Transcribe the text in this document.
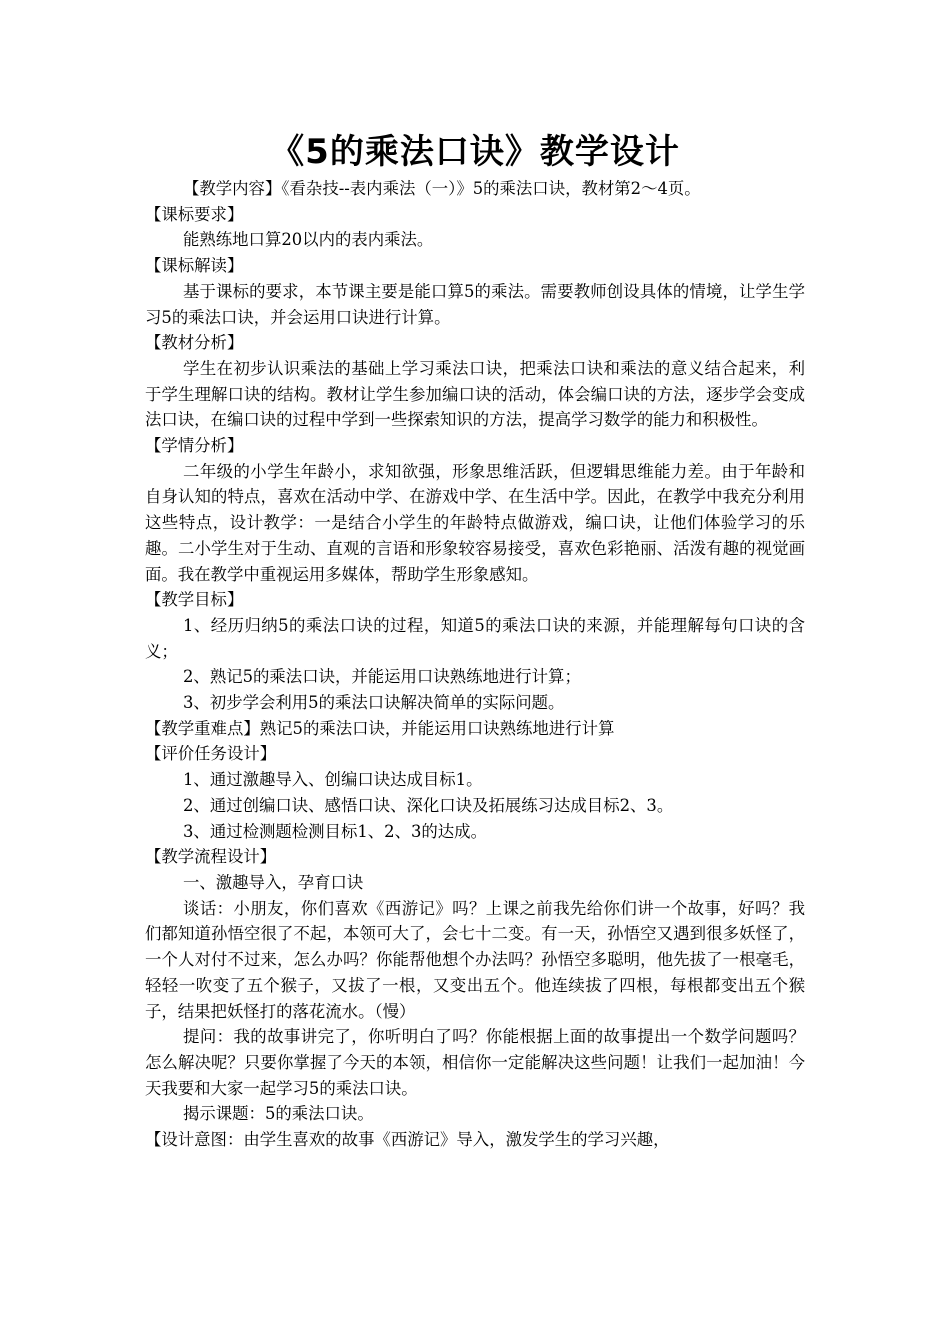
《5的乘法口诀》教学设计

【教学内容】《看杂技--表内乘法（一）》5的乘法口诀，教材第2～4页。

【课标要求】

能熟练地口算20以内的表内乘法。

【课标解读】

基于课标的要求，本节课主要是能口算5的乘法。需要教师创设具体的情境，让学生学习5的乘法口诀，并会运用口诀进行计算。

【教材分析】

学生在初步认识乘法的基础上学习乘法口诀，把乘法口诀和乘法的意义结合起来，利于学生理解口诀的结构。教材让学生参加编口诀的活动，体会编口诀的方法，逐步学会变成法口诀，在编口诀的过程中学到一些探索知识的方法，提高学习数学的能力和积极性。

【学情分析】

二年级的小学生年龄小，求知欲强，形象思维活跃，但逻辑思维能力差。由于年龄和自身认知的特点，喜欢在活动中学、在游戏中学、在生活中学。因此，在教学中我充分利用这些特点，设计教学：一是结合小学生的年龄特点做游戏，编口诀，让他们体验学习的乐趣。二小学生对于生动、直观的言语和形象较容易接受，喜欢色彩艳丽、活泼有趣的视觉画面。我在教学中重视运用多媒体，帮助学生形象感知。

【教学目标】

1、经历归纳5的乘法口诀的过程，知道5的乘法口诀的来源，并能理解每句口诀的含义；

2、熟记5的乘法口诀，并能运用口诀熟练地进行计算；

3、初步学会利用5的乘法口诀解决简单的实际问题。

【教学重难点】熟记5的乘法口诀，并能运用口诀熟练地进行计算

【评价任务设计】

1、通过激趣导入、创编口诀达成目标1。

2、通过创编口诀、感悟口诀、深化口诀及拓展练习达成目标2、3。

3、通过检测题检测目标1、2、3的达成。

【教学流程设计】

一、激趣导入，孕育口诀

谈话：小朋友，你们喜欢《西游记》吗？上课之前我先给你们讲一个故事，好吗？我们都知道孙悟空很了不起，本领可大了，会七十二变。有一天，孙悟空又遇到很多妖怪了，一个人对付不过来，怎么办吗？你能帮他想个办法吗？孙悟空多聪明，他先拔了一根毫毛，轻轻一吹变了五个猴子，又拔了一根，又变出五个。他连续拔了四根，每根都变出五个猴子，结果把妖怪打的落花流水。（慢）

提问：我的故事讲完了，你听明白了吗？你能根据上面的故事提出一个数学问题吗？怎么解决呢？只要你掌握了今天的本领，相信你一定能解决这些问题！让我们一起加油！今天我要和大家一起学习5的乘法口诀。

揭示课题：5的乘法口诀。

【设计意图：由学生喜欢的故事《西游记》导入，激发学生的学习兴趣，
